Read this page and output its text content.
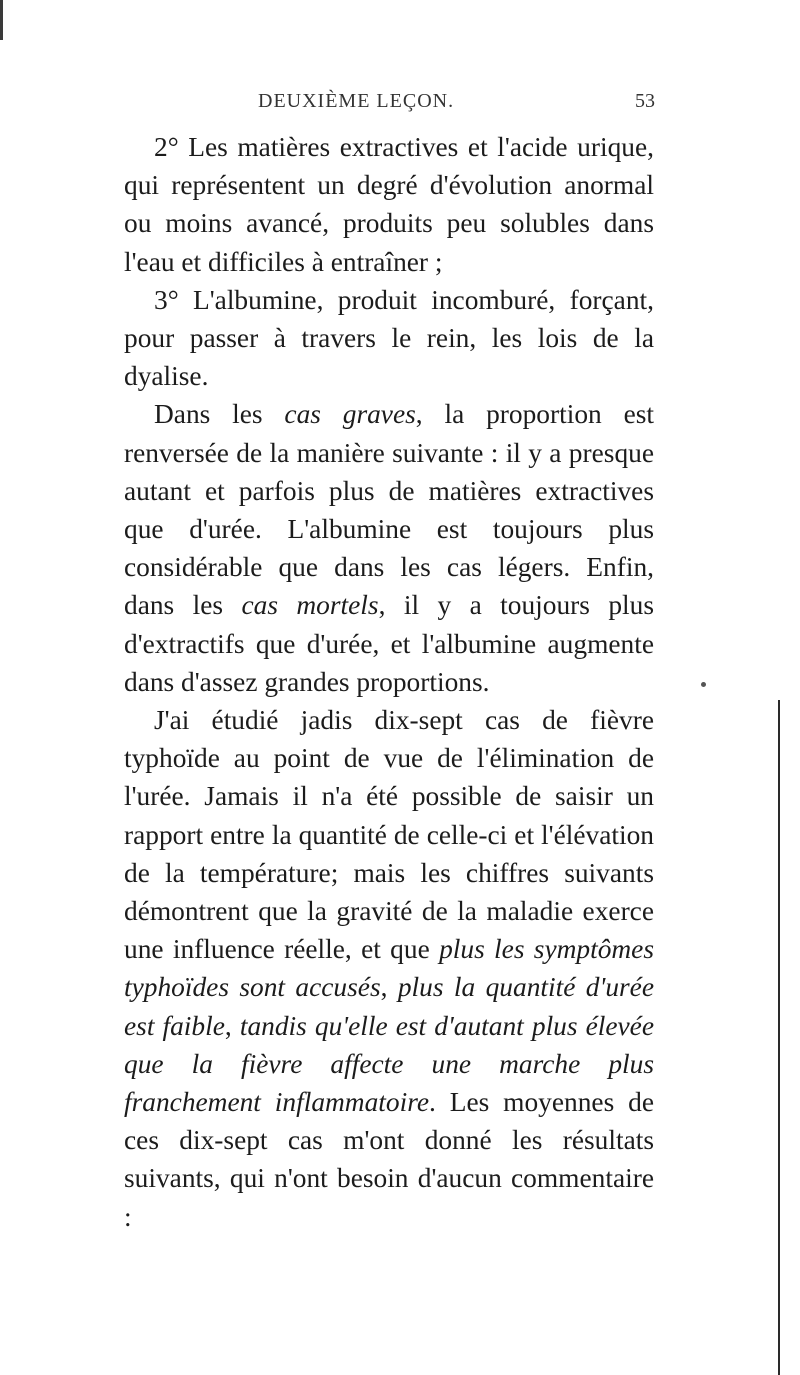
DEUXIÈME LEÇON.	53

2° Les matières extractives et l'acide urique, qui représentent un degré d'évolution anormal ou moins avancé, produits peu solubles dans l'eau et difficiles à entraîner ;

3° L'albumine, produit incomburé, forçant, pour passer à travers le rein, les lois de la dyalise.

Dans les cas graves, la proportion est renversée de la manière suivante : il y a presque autant et parfois plus de matières extractives que d'urée. L'albumine est toujours plus considérable que dans les cas légers. Enfin, dans les cas mortels, il y a toujours plus d'extractifs que d'urée, et l'albumine augmente dans d'assez grandes proportions.

J'ai étudié jadis dix-sept cas de fièvre typhoïde au point de vue de l'élimination de l'urée. Jamais il n'a été possible de saisir un rapport entre la quantité de celle-ci et l'élévation de la température; mais les chiffres suivants démontrent que la gravité de la maladie exerce une influence réelle, et que plus les symptômes typhoïdes sont accusés, plus la quantité d'urée est faible, tandis qu'elle est d'autant plus élevée que la fièvre affecte une marche plus franchement inflammatoire. Les moyennes de ces dix-sept cas m'ont donné les résultats suivants, qui n'ont besoin d'aucun commentaire :
